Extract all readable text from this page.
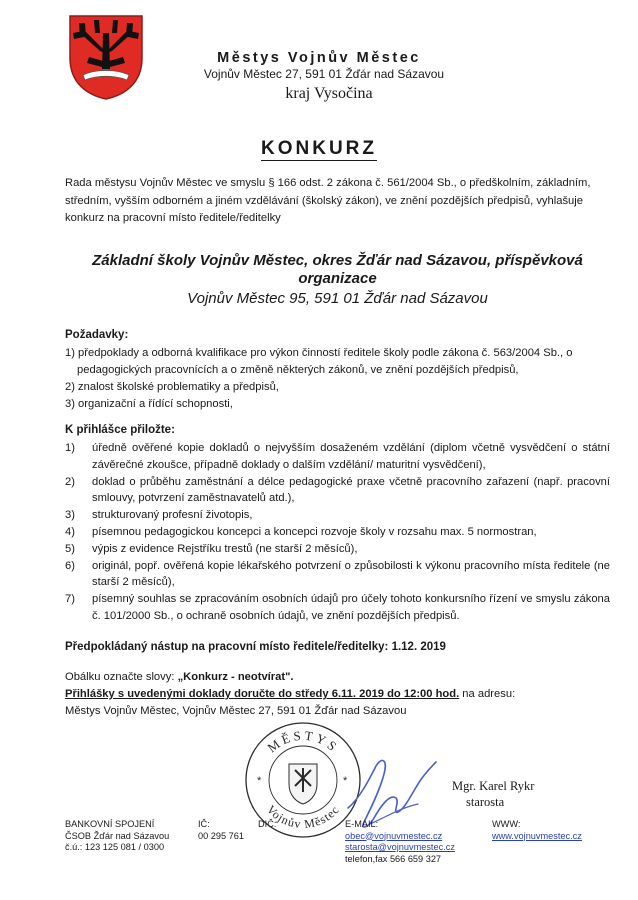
Městys Vojnův Městec
Vojnův Městec 27, 591 01 Žďár nad Sázavou
kraj Vysočina
KONKURZ
Rada městysu Vojnův Městec ve smyslu § 166 odst. 2 zákona č. 561/2004 Sb., o předškolním, základním, středním, vyšším odborném a jiném vzdělávání (školský zákon), ve znění pozdějších předpisů, vyhlašuje konkurz na pracovní místo ředitele/ředitelky
Základní školy Vojnův Městec, okres Žďár nad Sázavou, příspěvková organizace
Vojnův Městec 95, 591 01 Žďár nad Sázavou
Požadavky:

1) předpoklady a odborná kvalifikace pro výkon činností ředitele školy podle zákona č. 563/2004 Sb., o

pedagogických pracovnících a o změně některých zákonů, ve znění pozdějších předpisů,

2) znalost školské problematiky a předpisů,

3) organizační a řídící schopnosti,

K přihlášce přiložte:
1)	úředně ověřené kopie dokladů o nejvyšším dosaženém vzdělání (diplom včetně vysvědčení o státní závěrečné zkoušce, případně doklady o dalším vzdělání/ maturitní vysvědčení),
2)	doklad o průběhu zaměstnání a délce pedagogické praxe včetně pracovního zařazení (např. pracovní smlouvy, potvrzení zaměstnavatelů atd.),
3)	strukturovaný profesní životopis,
4)	písemnou pedagogickou koncepci a koncepci rozvoje školy v rozsahu max. 5 normostran,
5)	výpis z evidence Rejstříku trestů (ne starší 2 měsíců),
6)	originál, popř. ověřená kopie lékařského potvrzení o způsobilosti k výkonu pracovního místa ředitele (ne starší 2 měsíců),
7)	písemný souhlas se zpracováním osobních údajů pro účely tohoto konkursního řízení ve smyslu zákona č. 101/2000 Sb., o ochraně osobních údajů, ve znění pozdějších předpisů.
Předpokládaný nástup na pracovní místo ředitele/ředitelky: 1.12. 2019
Obálku označte slovy: „Konkurz - neotvírat".
Přihlášky s uvedenými doklady doručte do středy 6.11. 2019 do 12:00 hod. na adresu:
Městys Vojnův Městec, Vojnův Městec 27, 591 01 Žďár nad Sázavou
MĚSTYS
Vojnův Městec
*	*	Mgr. Karel Rykr
starosta

BANKOVNÍ SPOJENÍ

ČSOB Žďár nad Sázavou

č.ú.: 123 125 081 / 0300

IČ:

00 295 761

DIČ:	E-MAIL:

obec@vojnuvmestec.cz

starosta@vojnuvmestec.cz

telefon,fax 566 659 327

WWW:

www.vojnuvmestec.cz
